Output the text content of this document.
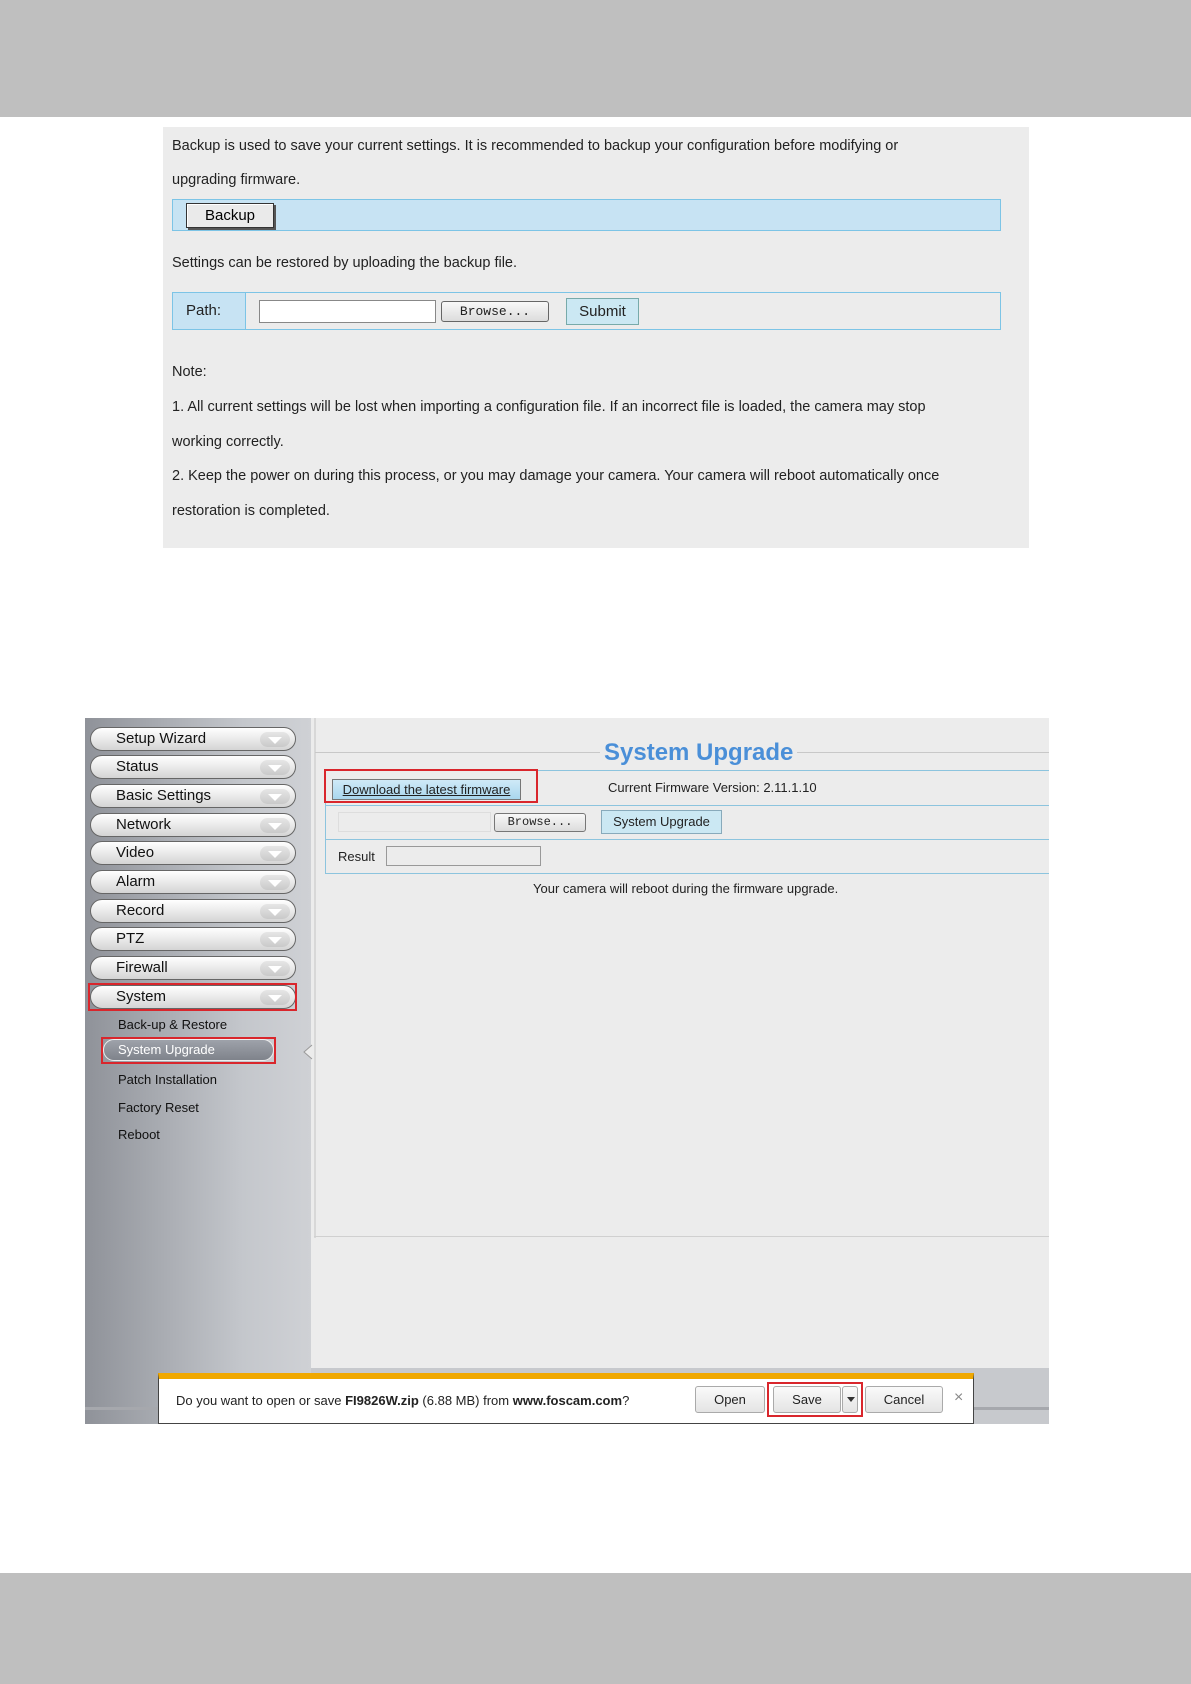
Backup is used to save your current settings. It is recommended to backup your configuration before modifying or
upgrading firmware.
Backup
Settings can be restored by uploading the backup file.
Path:	Browse...	Submit
Note:
1. All current settings will be lost when importing a configuration file. If an incorrect file is loaded, the camera may stop
working correctly.
2. Keep the power on during this process, or you may damage your camera. Your camera will reboot automatically once
restoration is completed.
Setup Wizard
Status
Basic Settings
Network
Video
Alarm
Record
PTZ
Firewall
System
Back-up & Restore
System Upgrade
Patch Installation
Factory Reset
Reboot
System Upgrade
Download the latest firmware	Current Firmware Version: 2.11.1.10
Browse...	System Upgrade
Result
Your camera will reboot during the firmware upgrade.
Do you want to open or save FI9826W.zip (6.88 MB) from www.foscam.com?	Open	Save	Cancel	×
